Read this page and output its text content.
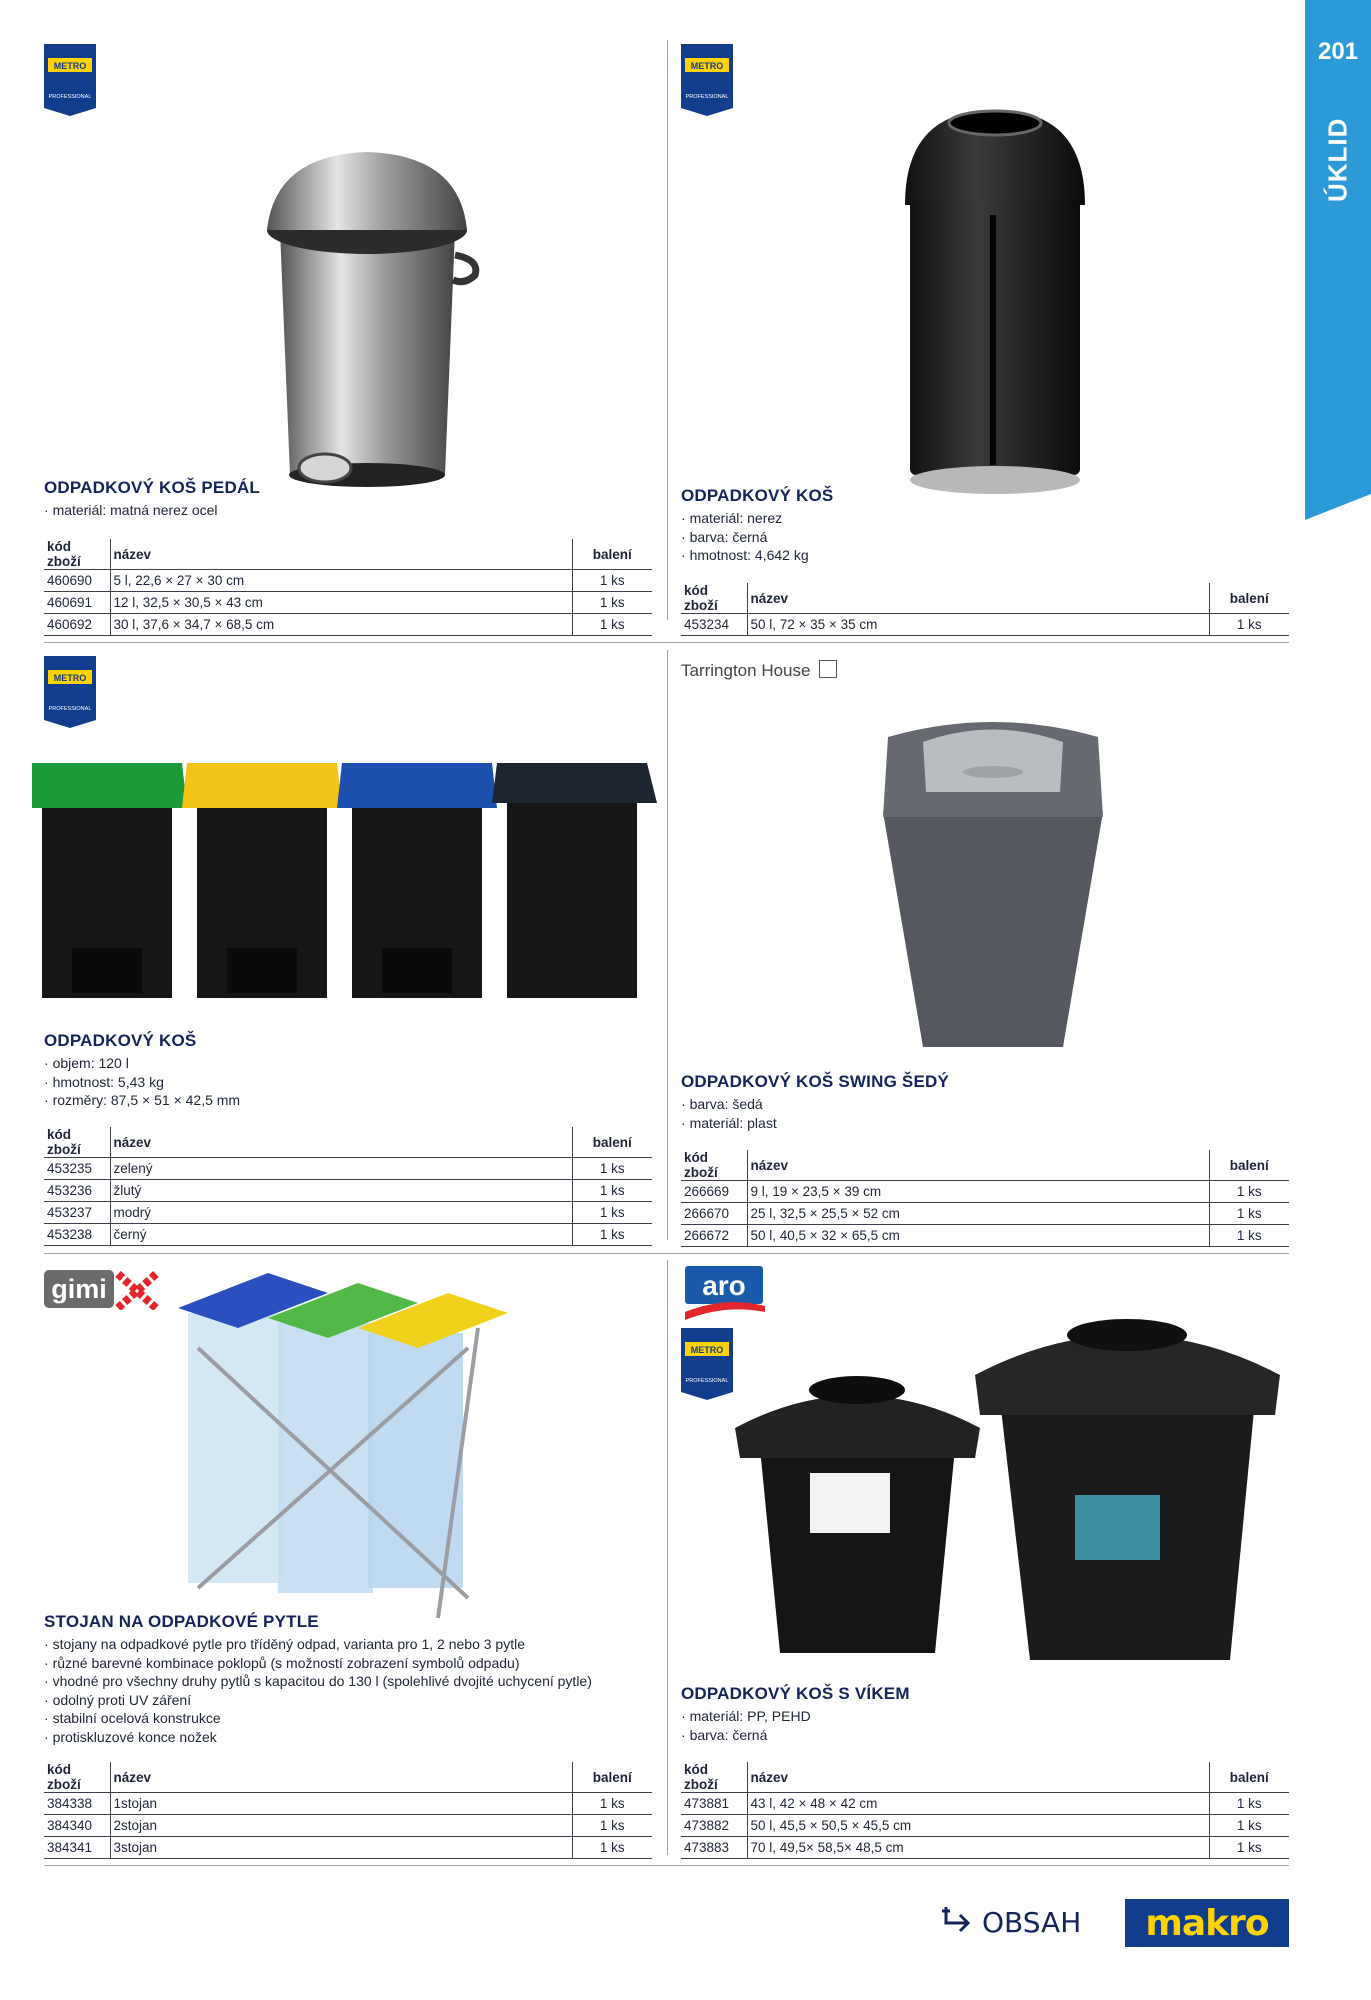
201
ÚKLID
METRO
PROFESSIONAL
METRO
PROFESSIONAL
METRO
PROFESSIONAL
METRO
PROFESSIONAL
Tarrington House
gimi	aro
ODPADKOVÝ KOŠ PEDÁL
· materiál: matná nerez ocel
kód zboží	název	balení
460690	5 l, 22,6 × 27 × 30 cm	1 ks
460691	12 l, 32,5 × 30,5 × 43 cm	1 ks
460692	30 l, 37,6 × 34,7 × 68,5 cm	1 ks
ODPADKOVÝ KOŠ
· materiál: nerez
· barva: černá
· hmotnost: 4,642 kg
kód zboží	název	balení
453234	50 l, 72 × 35 × 35 cm	1 ks
ODPADKOVÝ KOŠ
· objem: 120 l
· hmotnost: 5,43 kg
· rozměry: 87,5 × 51 × 42,5 mm
kód zboží	název	balení
453235	zelený	1 ks
453236	žlutý	1 ks
453237	modrý	1 ks
453238	černý	1 ks
ODPADKOVÝ KOŠ SWING ŠEDÝ
· barva: šedá
· materiál: plast
kód zboží	název	balení
266669	9 l, 19 × 23,5 × 39 cm	1 ks
266670	25 l, 32,5 × 25,5 × 52 cm	1 ks
266672	50 l, 40,5 × 32 × 65,5 cm	1 ks
STOJAN NA ODPADKOVÉ PYTLE
· stojany na odpadkové pytle pro tříděný odpad, varianta pro 1, 2 nebo 3 pytle
· různé barevné kombinace poklopů (s možností zobrazení symbolů odpadu)
· vhodné pro všechny druhy pytlů s kapacitou do 130 l (spolehlivé dvojité uchycení pytle)
· odolný proti UV záření
· stabilní ocelová konstrukce
· protiskluzové konce nožek
kód zboží	název	balení
384338	1stojan	1 ks
384340	2stojan	1 ks
384341	3stojan	1 ks
ODPADKOVÝ KOŠ S VÍKEM
· materiál: PP, PEHD
· barva: černá
kód zboží	název	balení
473881	43 l, 42 × 48 × 42 cm	1 ks
473882	50 l, 45,5 × 50,5 × 45,5 cm	1 ks
473883	70 l, 49,5× 58,5× 48,5 cm	1 ks
OBSAH	makro
